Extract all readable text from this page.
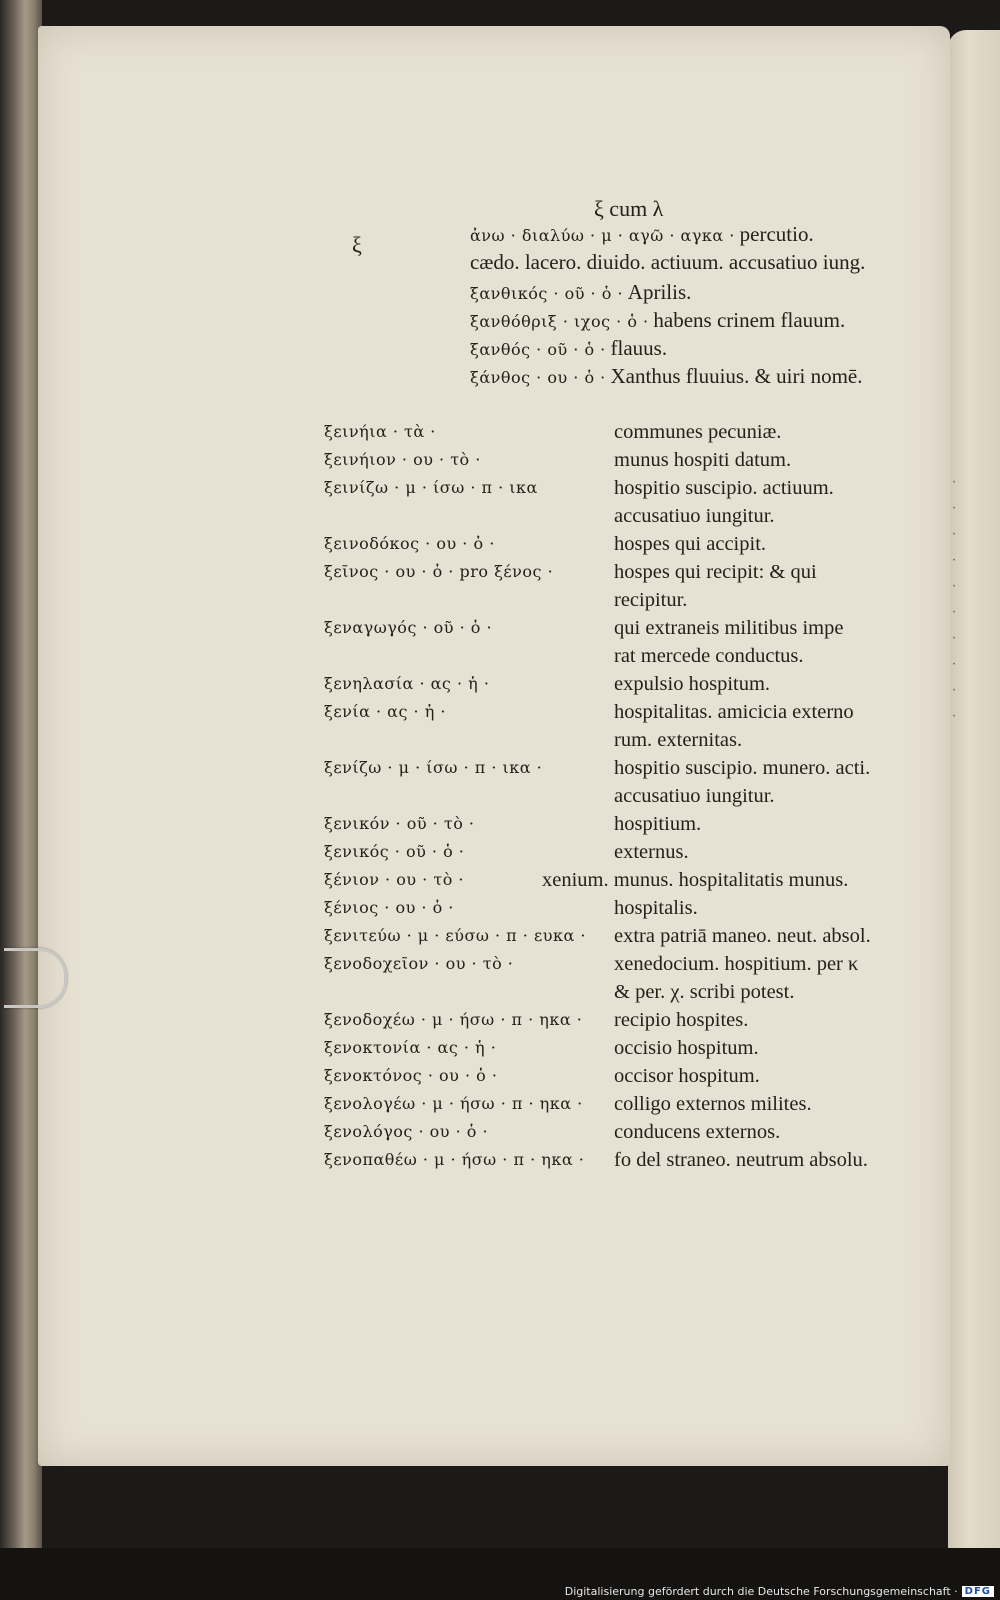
·
·
·
·
·
·
·
·
·
·
ξ cum λ
ξ	ἀνω · διαλύω · μ · αγῶ · αγκα · percutio.
cædo. lacero. diuido. actiuum. accusatiuo iung.
ξανθικός · οῦ · ὁ · Aprilis.
ξανθόθριξ · ιχος · ὁ · habens crinem flauum.
ξανθός · οῦ · ὁ · flauus.
ξάνθος · ου · ὁ · Xanthus fluuius. & uiri nomē.
ξεινήια · τὰ ·	communes pecuniæ.
ξεινήιον · ου · τὸ ·	munus hospiti datum.
ξεινίζω · μ · ίσω · π · ικα	hospitio suscipio. actiuum.
accusatiuo iungitur.
ξεινοδόκος · ου · ὁ ·	hospes qui accipit.
ξεῖνος · ου · ὁ · pro ξένος ·	hospes qui recipit: & qui
recipitur.
ξεναγωγός · οῦ · ὁ ·	qui extraneis militibus impe
rat mercede conductus.
ξενηλασία · ας · ἡ ·	expulsio hospitum.
ξενία · ας · ἡ ·	hospitalitas. amicicia externo
rum. externitas.
ξενίζω · μ · ίσω · π · ικα ·	hospitio suscipio. munero. acti.
accusatiuo iungitur.
ξενικόν · οῦ · τὸ ·	hospitium.
ξενικός · οῦ · ὁ ·	externus.
ξένιον · ου · τὸ ·	xenium. munus. hospitalitatis munus.
ξένιος · ου · ὁ ·	hospitalis.
ξενιτεύω · μ · εύσω · π · ευκα ·	extra patriā maneo. neut. absol.
ξενοδοχεῖον · ου · τὸ ·	xenedocium. hospitium. per κ
& per. χ. scribi potest.
ξενοδοχέω · μ · ήσω · π · ηκα ·	recipio hospites.
ξενοκτονία · ας · ἡ ·	occisio hospitum.
ξενοκτόνος · ου · ὁ ·	occisor hospitum.
ξενολογέω · μ · ήσω · π · ηκα ·	colligo externos milites.
ξενολόγος · ου · ὁ ·	conducens externos.
ξενοπαθέω · μ · ήσω · π · ηκα ·	fo del straneo. neutrum absolu.
Digitalisierung gefördert durch die Deutsche Forschungsgemeinschaft · DFG
